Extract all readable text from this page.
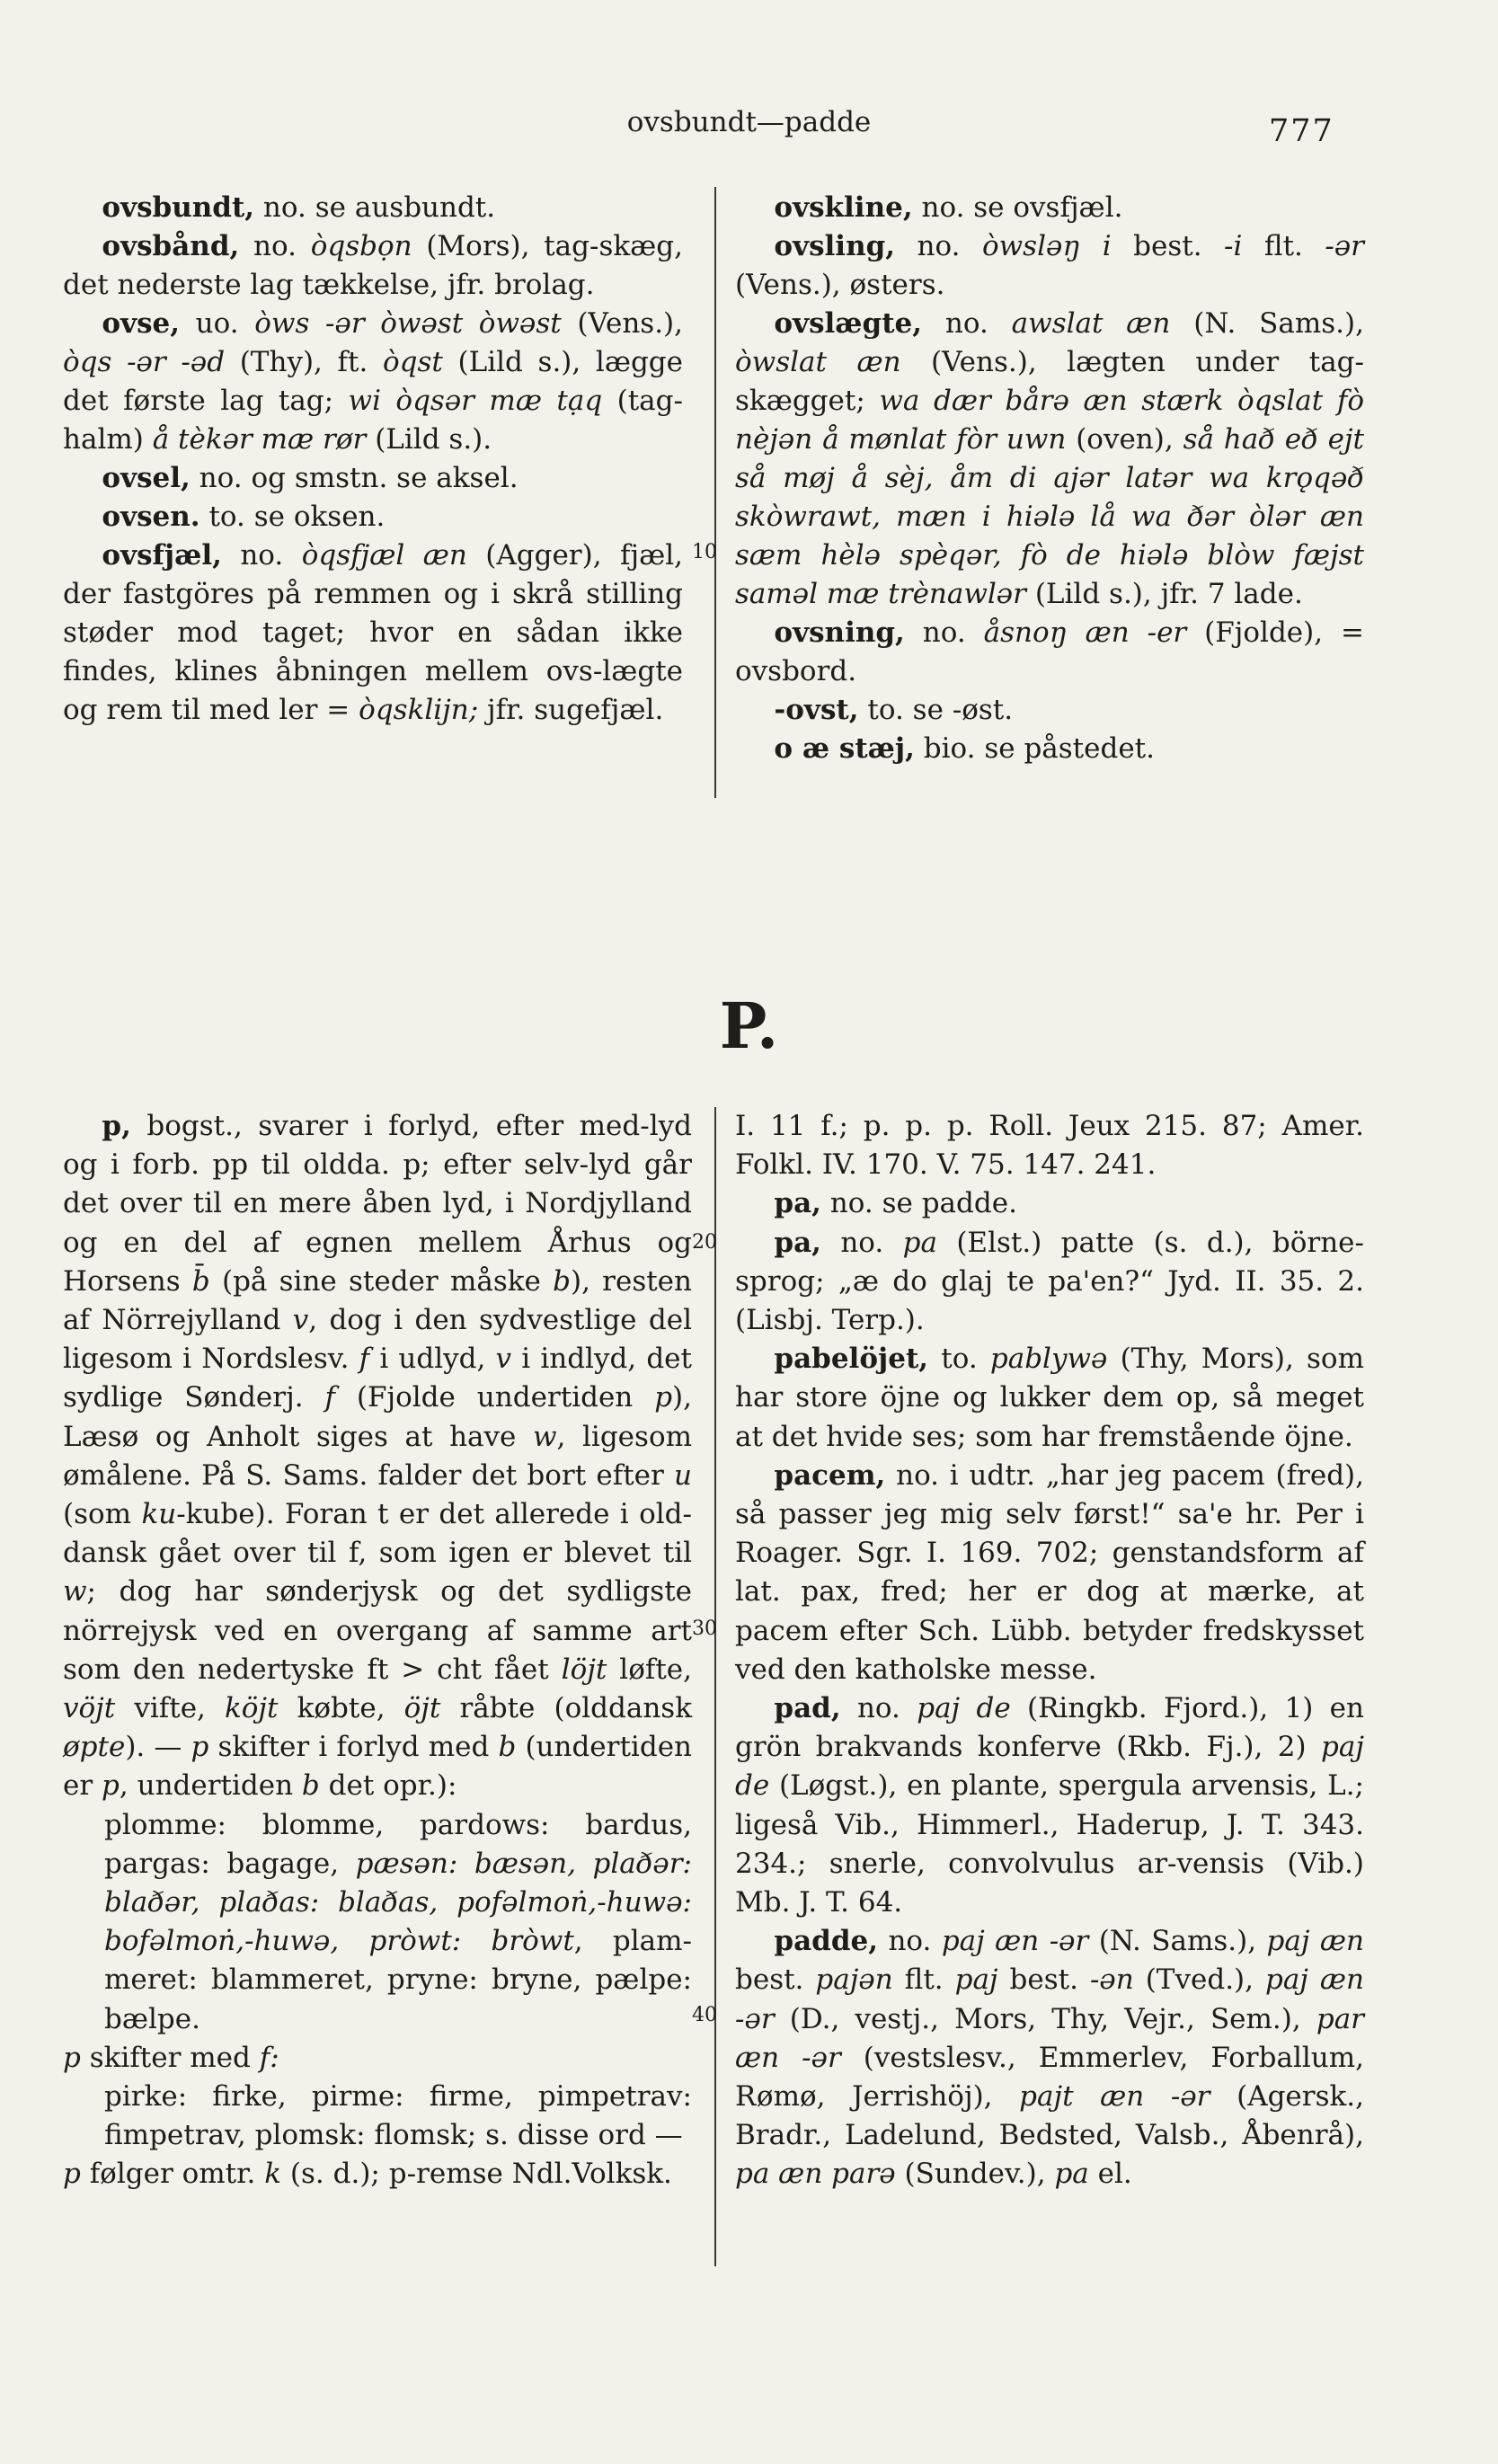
ovsbundt—padde	777

ovsbundt, no. se ausbundt.

ovsbånd, no. òqsbọn (Mors), tag-skæg, det nederste lag tækkelse, jfr. brolag.

ovse, uo. òws -ər òwəst òwəst (Vens.), òqs -ər -əd (Thy), ft. òqst (Lild s.), lægge det første lag tag; wi òqsər mæ tạq (tag-halm) å tèkər mæ rør (Lild s.).

ovsel, no. og smstn. se aksel.

ovsen. to. se oksen.

ovsfjæl, no. òqsfjæl æn (Agger), fjæl, der fastgöres på remmen og i skrå stilling støder mod taget; hvor en sådan ikke findes, klines åbningen mellem ovs-lægte og rem til med ler = òqsklijn; jfr. sugefjæl.

10

ovskline, no. se ovsfjæl.

ovsling, no. òwsləŋ i best. -i flt. -ər (Vens.), østers.

ovslægte, no. awslat æn (N. Sams.), òwslat æn (Vens.), lægten under tag-skægget; wa dær bårə æn stærk òqslat fò nèjən å mønlat fòr uwn (oven), så hað eð ejt så møj å sèj, åm di ajər latər wa krǫqəð skòwrawt, mæn i hiələ lå wa ðər òlər æn sæm hèlə spèqər, fò de hiələ blòw fæjst saməl mæ trènawlər (Lild s.), jfr. 7 lade.

ovsning, no. åsnoŋ æn -er (Fjolde), = ovsbord.

-ovst, to. se -øst.

o æ stæj, bio. se påstedet.

P.

p, bogst., svarer i forlyd, efter med-lyd og i forb. pp til oldda. p; efter selv-lyd går det over til en mere åben lyd, i Nordjylland og en del af egnen mellem Århus og Horsens b̄ (på sine steder måske b), resten af Nörrejylland v, dog i den sydvestlige del ligesom i Nordslesv. f i udlyd, v i indlyd, det sydlige Sønderj. f (Fjolde undertiden p), Læsø og Anholt siges at have w, ligesom ømålene. På S. Sams. falder det bort efter u (som ku-kube). Foran t er det allerede i old-dansk gået over til f, som igen er blevet til w; dog har sønderjysk og det sydligste nörrejysk ved en overgang af samme art som den nedertyske ft > cht fået löjt løfte, vöjt vifte, köjt købte, öjt råbte (olddansk øpte). — p skifter i forlyd med b (undertiden er p, undertiden b det opr.):

plomme: blomme, pardows: bardus, pargas: bagage, pæsən: bæsən, plaðər: blaðər, plaðas: blaðas, pofəlmoṅ,-huwə: bofəlmoṅ,-huwə, pròwt: bròwt, plam-meret: blammeret, pryne: bryne, pælpe: bælpe.

p skifter med f:

pirke: firke, pirme: firme, pimpetrav: fimpetrav, plomsk: flomsk; s. disse ord —

p følger omtr. k (s. d.); p-remse Ndl.Volksk.

20
30
40

I. 11 f.; p. p. p. Roll. Jeux 215. 87; Amer. Folkl. IV. 170. V. 75. 147. 241.

pa, no. se padde.

pa, no. pa (Elst.) patte (s. d.), börne-sprog; „æ do glaj te pa'en?“ Jyd. II. 35. 2. (Lisbj. Terp.).

pabelöjet, to. pablywə (Thy, Mors), som har store öjne og lukker dem op, så meget at det hvide ses; som har fremstående öjne.

pacem, no. i udtr. „har jeg pacem (fred), så passer jeg mig selv først!“ sa'e hr. Per i Roager. Sgr. I. 169. 702; genstandsform af lat. pax, fred; her er dog at mærke, at pacem efter Sch. Lübb. betyder fredskysset ved den katholske messe.

pad, no. paj de (Ringkb. Fjord.), 1) en grön brakvands konferve (Rkb. Fj.), 2) paj de (Løgst.), en plante, spergula arvensis, L.; ligeså Vib., Himmerl., Haderup, J. T. 343. 234.; snerle, convolvulus ar-vensis (Vib.) Mb. J. T. 64.

padde, no. paj æn -ər (N. Sams.), paj æn best. pajən flt. paj best. -ən (Tved.), paj æn -ər (D., vestj., Mors, Thy, Vejr., Sem.), par æn -ər (vestslesv., Emmerlev, Forballum, Rømø, Jerrishöj), pajt æn -ər (Agersk., Bradr., Ladelund, Bedsted, Valsb., Åbenrå), pa æn parə (Sundev.), pa el.
